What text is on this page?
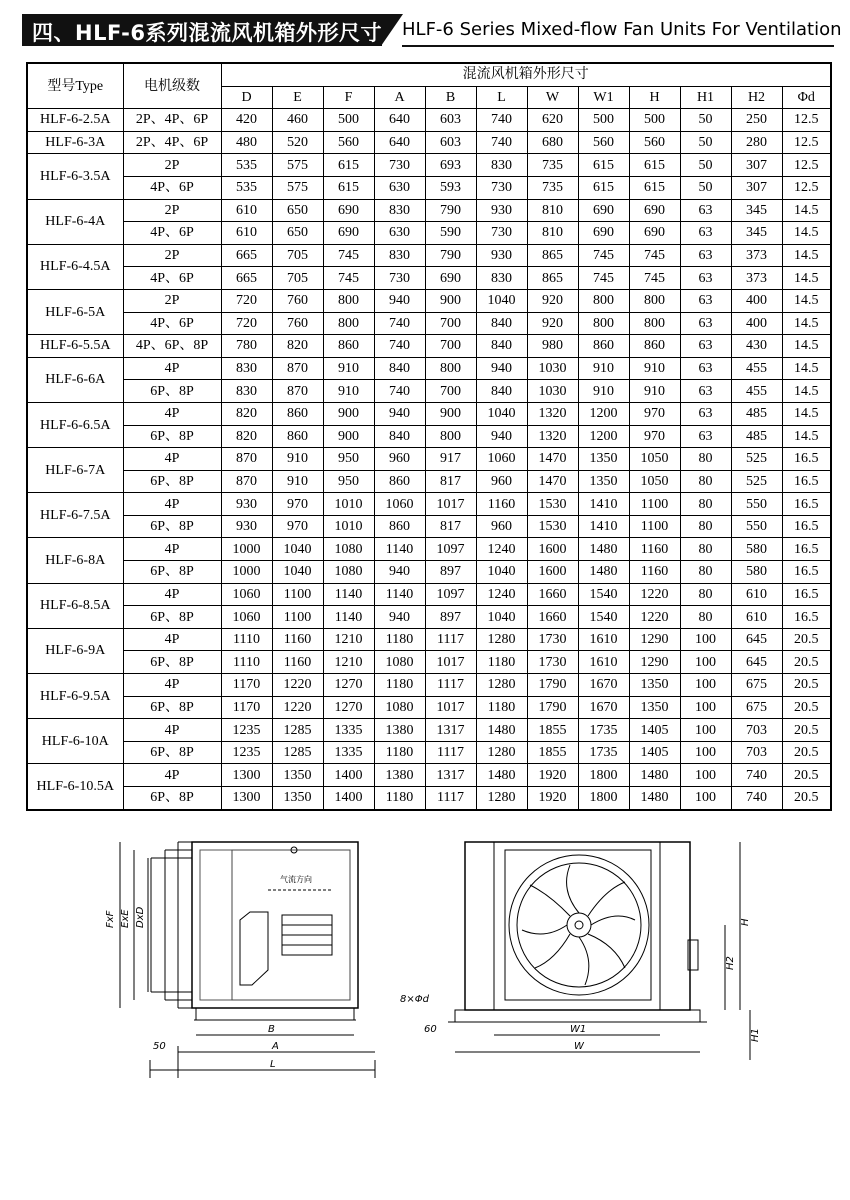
四、HLF-6系列混流风机箱外形尺寸 HLF-6 Series Mixed-flow Fan Units For Ventilation
型号Type	电机级数	混流风机箱外形尺寸											
		D	E	F	A	B	L	W	W1	H	H1	H2	Φd
HLF-6-2.5A	2P、4P、6P	420	460	500	640	603	740	620	500	500	50	250	12.5
HLF-6-3A	2P、4P、6P	480	520	560	640	603	740	680	560	560	50	280	12.5
HLF-6-3.5A	2P	535	575	615	730	693	830	735	615	615	50	307	12.5
	4P、6P	535	575	615	630	593	730	735	615	615	50	307	12.5
HLF-6-4A	2P	610	650	690	830	790	930	810	690	690	63	345	14.5
	4P、6P	610	650	690	630	590	730	810	690	690	63	345	14.5
HLF-6-4.5A	2P	665	705	745	830	790	930	865	745	745	63	373	14.5
	4P、6P	665	705	745	730	690	830	865	745	745	63	373	14.5
HLF-6-5A	2P	720	760	800	940	900	1040	920	800	800	63	400	14.5
	4P、6P	720	760	800	740	700	840	920	800	800	63	400	14.5
HLF-6-5.5A	4P、6P、8P	780	820	860	740	700	840	980	860	860	63	430	14.5
HLF-6-6A	4P	830	870	910	840	800	940	1030	910	910	63	455	14.5
	6P、8P	830	870	910	740	700	840	1030	910	910	63	455	14.5
HLF-6-6.5A	4P	820	860	900	940	900	1040	1320	1200	970	63	485	14.5
	6P、8P	820	860	900	840	800	940	1320	1200	970	63	485	14.5
HLF-6-7A	4P	870	910	950	960	917	1060	1470	1350	1050	80	525	16.5
	6P、8P	870	910	950	860	817	960	1470	1350	1050	80	525	16.5
HLF-6-7.5A	4P	930	970	1010	1060	1017	1160	1530	1410	1100	80	550	16.5
	6P、8P	930	970	1010	860	817	960	1530	1410	1100	80	550	16.5
HLF-6-8A	4P	1000	1040	1080	1140	1097	1240	1600	1480	1160	80	580	16.5
	6P、8P	1000	1040	1080	940	897	1040	1600	1480	1160	80	580	16.5
HLF-6-8.5A	4P	1060	1100	1140	1140	1097	1240	1660	1540	1220	80	610	16.5
	6P、8P	1060	1100	1140	940	897	1040	1660	1540	1220	80	610	16.5
HLF-6-9A	4P	1110	1160	1210	1180	1117	1280	1730	1610	1290	100	645	20.5
	6P、8P	1110	1160	1210	1080	1017	1180	1730	1610	1290	100	645	20.5
HLF-6-9.5A	4P	1170	1220	1270	1180	1117	1280	1790	1670	1350	100	675	20.5
	6P、8P	1170	1220	1270	1080	1017	1180	1790	1670	1350	100	675	20.5
HLF-6-10A	4P	1235	1285	1335	1380	1317	1480	1855	1735	1405	100	703	20.5
	6P、8P	1235	1285	1335	1180	1117	1280	1855	1735	1405	100	703	20.5
HLF-6-10.5A	4P	1300	1350	1400	1380	1317	1480	1920	1800	1480	100	740	20.5
	6P、8P	1300	1350	1400	1180	1117	1280	1920	1800	1480	100	740	20.5
FxF ExE DxD
气流方向
B
A
L
50
8×Φd
60	W1
W
H
H2
H1
